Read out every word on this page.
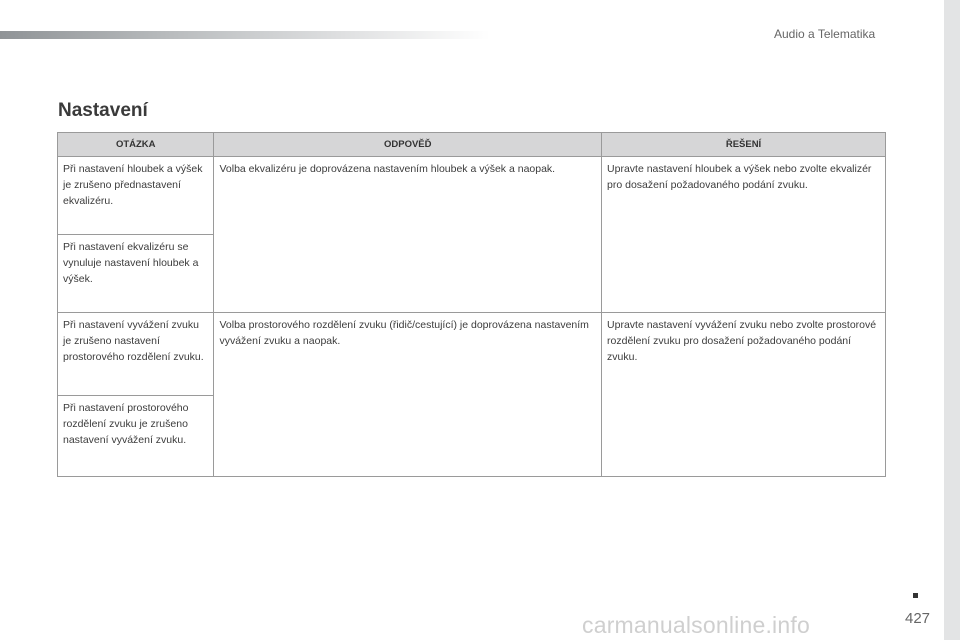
Audio a Telematika
Nastavení
OTÁZKA	ODPOVĚĎ	ŘEŠENÍ
Při nastavení hloubek a výšek je zrušeno přednastavení ekvalizéru.	Volba ekvalizéru je doprovázena nastavením hloubek a výšek a naopak.	Upravte nastavení hloubek a výšek nebo zvolte ekvalizér pro dosažení požadovaného podání zvuku.
Při nastavení ekvalizéru se vynuluje nastavení hloubek a výšek.		
Při nastavení vyvážení zvuku je zrušeno nastavení prostorového rozdělení zvuku.	Volba prostorového rozdělení zvuku (řidič/cestující) je doprovázena nastavením vyvážení zvuku a naopak.	Upravte nastavení vyvážení zvuku nebo zvolte prostorové rozdělení zvuku pro dosažení požadovaného podání zvuku.
Při nastavení prostorového rozdělení zvuku je zrušeno nastavení vyvážení zvuku.		
427
carmanualsonline.info
